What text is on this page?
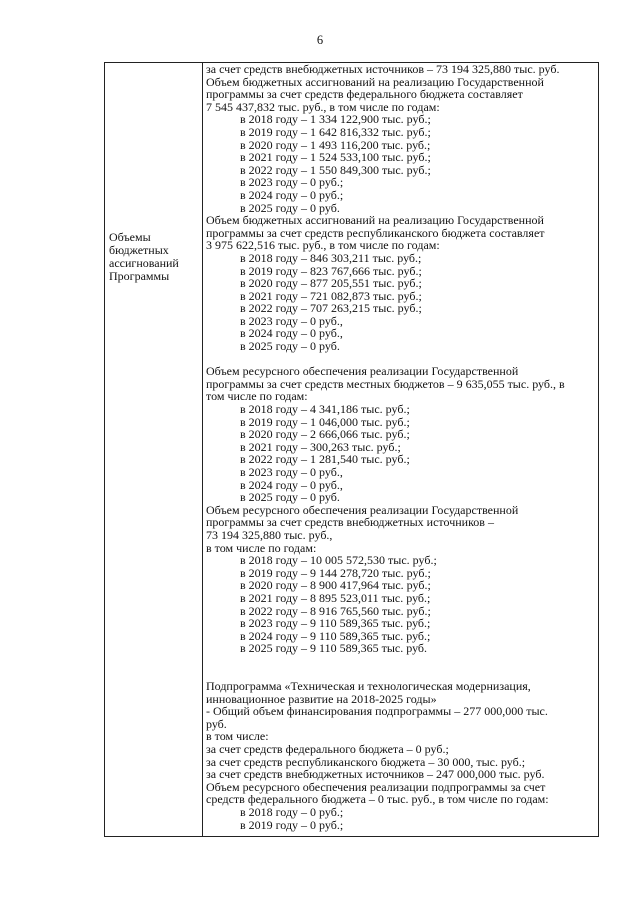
6
Объемы
бюджетных
ассигнований
Программы
за счет средств внебюджетных источников – 73 194 325,880 тыс. руб.
Объем бюджетных ассигнований на реализацию Государственной
программы за счет средств федерального бюджета составляет
7 545 437,832 тыс. руб., в том числе по годам:
в 2018 году – 1 334 122,900 тыс. руб.;
в 2019 году – 1 642 816,332 тыс. руб.;
в 2020 году – 1 493 116,200 тыс. руб.;
в 2021 году – 1 524 533,100 тыс. руб.;
в 2022 году – 1 550 849,300 тыс. руб.;
в 2023 году – 0 руб.;
в 2024 году – 0 руб.;
в 2025 году – 0 руб.
Объем бюджетных ассигнований на реализацию Государственной
программы за счет средств республиканского бюджета составляет
3 975 622,516 тыс. руб., в том числе по годам:
в 2018 году – 846 303,211 тыс. руб.;
в 2019 году – 823 767,666 тыс. руб.;
в 2020 году – 877 205,551 тыс. руб.;
в 2021 году – 721 082,873 тыс. руб.;
в 2022 году – 707 263,215 тыс. руб.;
в 2023 году – 0 руб.,
в 2024 году – 0 руб.,
в 2025 году – 0 руб.
Объем ресурсного обеспечения реализации Государственной
программы за счет средств местных бюджетов – 9 635,055 тыс. руб., в
том числе по годам:
в 2018 году – 4 341,186 тыс. руб.;
в 2019 году – 1 046,000 тыс. руб.;
в 2020 году – 2 666,066 тыс. руб.;
в 2021 году – 300,263 тыс. руб.;
в 2022 году – 1 281,540 тыс. руб.;
в 2023 году – 0 руб.,
в 2024 году – 0 руб.,
в 2025 году – 0 руб.
Объем ресурсного обеспечения реализации Государственной
программы за счет средств внебюджетных источников –
73 194 325,880 тыс. руб.,
в том числе по годам:
в 2018 году – 10 005 572,530 тыс. руб.;
в 2019 году – 9 144 278,720 тыс. руб.;
в 2020 году – 8 900 417,964 тыс. руб.;
в 2021 году – 8 895 523,011 тыс. руб.;
в 2022 году – 8 916 765,560 тыс. руб.;
в 2023 году – 9 110 589,365 тыс. руб.;
в 2024 году – 9 110 589,365 тыс. руб.;
в 2025 году – 9 110 589,365 тыс. руб.
Подпрограмма «Техническая и технологическая модернизация,
инновационное развитие на 2018-2025 годы»
- Общий объем финансирования подпрограммы – 277 000,000 тыс.
руб.
в том числе:
за счет средств федерального бюджета – 0 руб.;
за счет средств республиканского бюджета – 30 000, тыс. руб.;
за счет средств внебюджетных источников – 247 000,000 тыс. руб.
Объем ресурсного обеспечения реализации подпрограммы за счет
средств федерального бюджета – 0 тыс. руб., в том числе по годам:
в 2018 году – 0 руб.;
в 2019 году – 0 руб.;
